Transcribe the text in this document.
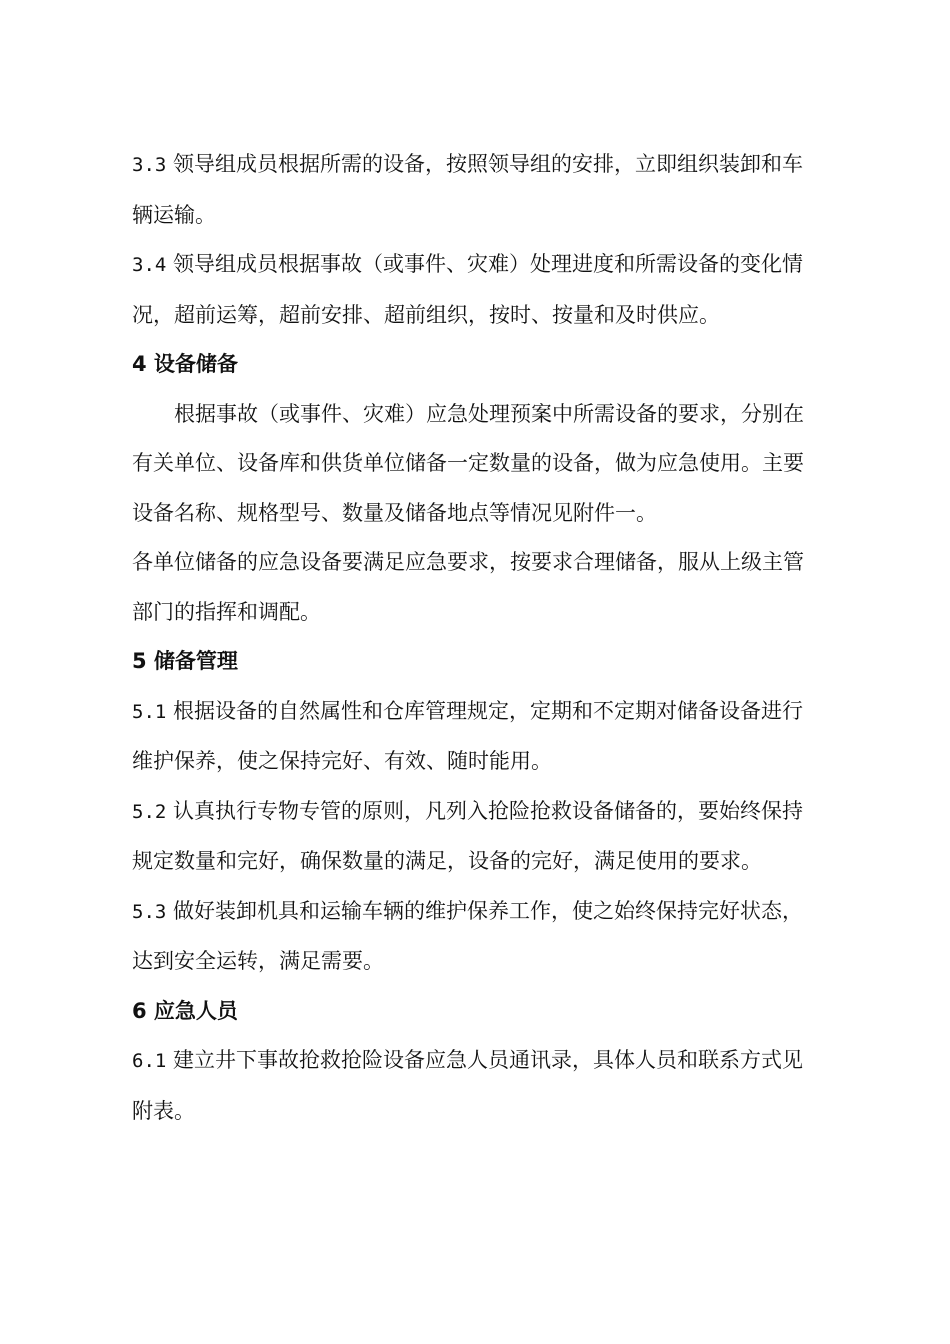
3.3 领导组成员根据所需的设备，按照领导组的安排，立即组织装卸和车辆运输。

3.4 领导组成员根据事故（或事件、灾难）处理进度和所需设备的变化情况，超前运筹，超前安排、超前组织，按时、按量和及时供应。

4 设备储备

根据事故（或事件、灾难）应急处理预案中所需设备的要求，分别在有关单位、设备库和供货单位储备一定数量的设备，做为应急使用。主要设备名称、规格型号、数量及储备地点等情况见附件一。

各单位储备的应急设备要满足应急要求，按要求合理储备，服从上级主管部门的指挥和调配。

5 储备管理

5.1 根据设备的自然属性和仓库管理规定，定期和不定期对储备设备进行维护保养，使之保持完好、有效、随时能用。

5.2 认真执行专物专管的原则，凡列入抢险抢救设备储备的，要始终保持规定数量和完好，确保数量的满足，设备的完好，满足使用的要求。

5.3 做好装卸机具和运输车辆的维护保养工作，使之始终保持完好状态，达到安全运转，满足需要。

6 应急人员

6.1 建立井下事故抢救抢险设备应急人员通讯录，具体人员和联系方式见附表。
